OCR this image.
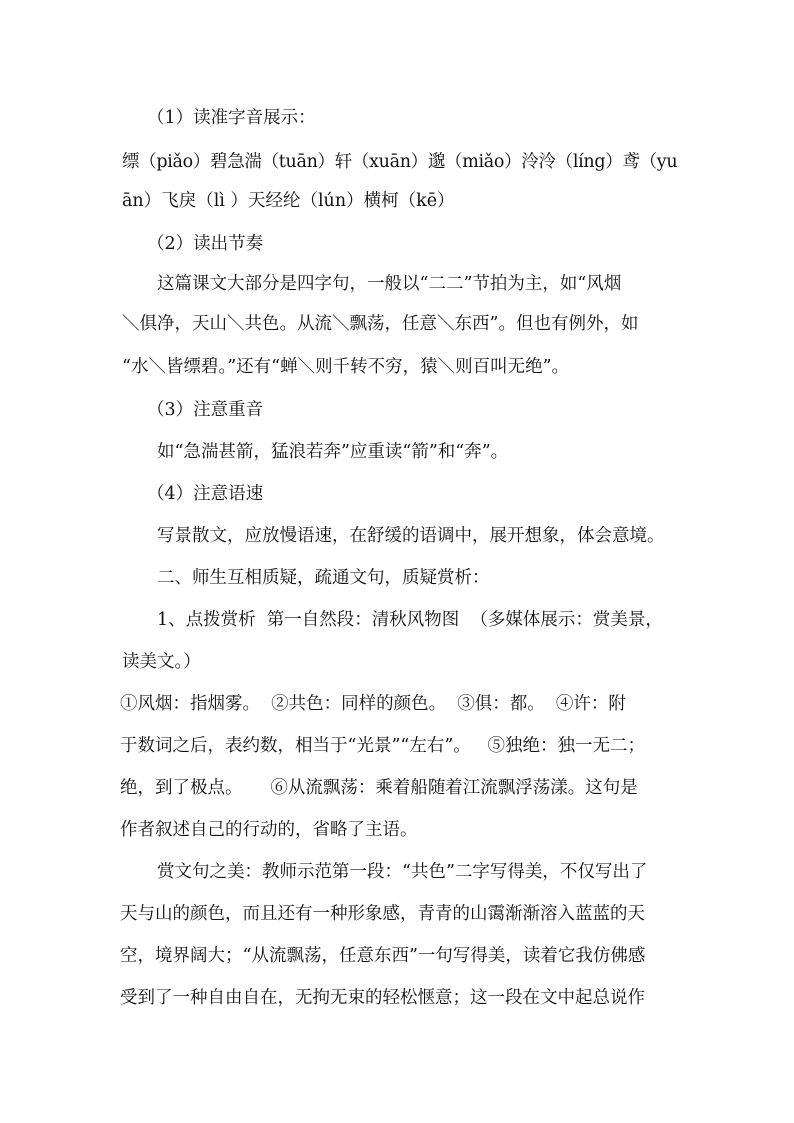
（1）读准字音展示：

缥（piǎo）碧急湍（tuān）轩（xuān）邈（miǎo）泠泠（líng）鸢（yu

ān）飞戾（lì ）天经纶（lún）横柯（kē）

（2）读出节奏

这篇课文大部分是四字句，一般以“二二”节拍为主，如“风烟

＼俱净，天山＼共色。从流＼飘荡，任意＼东西”。但也有例外，如

“水＼皆缥碧。”还有“蝉＼则千转不穷，猿＼则百叫无绝”。

（3）注意重音

如“急湍甚箭，猛浪若奔”应重读“箭”和“奔”。

（4）注意语速

写景散文，应放慢语速，在舒缓的语调中，展开想象，体会意境。

二、师生互相质疑，疏通文句，质疑赏析：

1、点拨赏析  第一自然段：清秋风物图  （多媒体展示：赏美景，

读美文。）

①风烟：指烟雾。  ②共色：同样的颜色。  ③俱：都。  ④许：附

于数词之后，表约数，相当于“光景”“左右”。   ⑤独绝：独一无二；

绝，到了极点。     ⑥从流飘荡：乘着船随着江流飘浮荡漾。这句是

作者叙述自己的行动的，省略了主语。

赏文句之美：教师示范第一段：“共色”二字写得美，不仅写出了

天与山的颜色，而且还有一种形象感，青青的山霭渐渐溶入蓝蓝的天

空，境界阔大；“从流飘荡，任意东西”一句写得美，读着它我仿佛感

受到了一种自由自在，无拘无束的轻松惬意；这一段在文中起总说作
